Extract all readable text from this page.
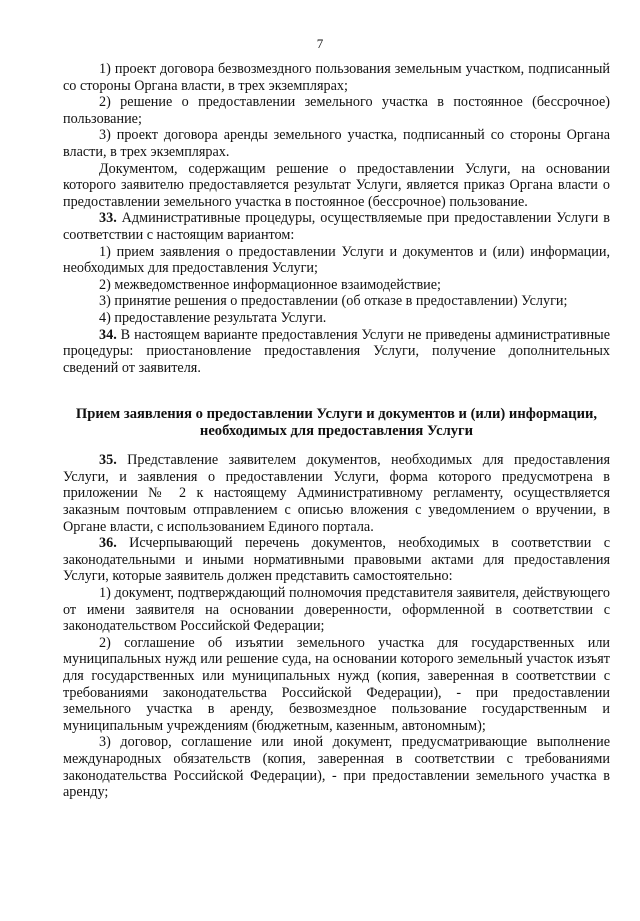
7

1) проект договора безвозмездного пользования земельным участком, подписанный со стороны Органа власти, в трех экземплярах;

2) решение о предоставлении земельного участка в постоянное (бессрочное) пользование;

3) проект договора аренды земельного участка, подписанный со стороны Органа власти, в трех экземплярах.

Документом, содержащим решение о предоставлении Услуги, на основании которого заявителю предоставляется результат Услуги, является приказ Органа власти о предоставлении земельного участка в постоянное (бессрочное) пользование.

33. Административные процедуры, осуществляемые при предоставлении Услуги в соответствии с настоящим вариантом:

1) прием заявления о предоставлении Услуги и документов и (или) информации, необходимых для предоставления Услуги;

2) межведомственное информационное взаимодействие;

3) принятие решения о предоставлении (об отказе в предоставлении) Услуги;

4) предоставление результата Услуги.

34. В настоящем варианте предоставления Услуги не приведены административные процедуры: приостановление предоставления Услуги, получение дополнительных сведений от заявителя.

Прием заявления о предоставлении Услуги и документов и (или) информации, необходимых для предоставления Услуги

35. Представление заявителем документов, необходимых для предоставления Услуги, и заявления о предоставлении Услуги, форма которого предусмотрена в приложении № 2 к настоящему Административному регламенту, осуществляется заказным почтовым отправлением с описью вложения с уведомлением о вручении, в Органе власти, с использованием Единого портала.

36. Исчерпывающий перечень документов, необходимых в соответствии с законодательными и иными нормативными правовыми актами для предоставления Услуги, которые заявитель должен представить самостоятельно:

1) документ, подтверждающий полномочия представителя заявителя, действующего от имени заявителя на основании доверенности, оформленной в соответствии с законодательством Российской Федерации;

2) соглашение об изъятии земельного участка для государственных или муниципальных нужд или решение суда, на основании которого земельный участок изъят для государственных или муниципальных нужд (копия, заверенная в соответствии с требованиями законодательства Российской Федерации), - при предоставлении земельного участка в аренду, безвозмездное пользование государственным и муниципальным учреждениям (бюджетным, казенным, автономным);

3) договор, соглашение или иной документ, предусматривающие выполнение международных обязательств (копия, заверенная в соответствии с требованиями законодательства Российской Федерации), - при предоставлении земельного участка в аренду;
